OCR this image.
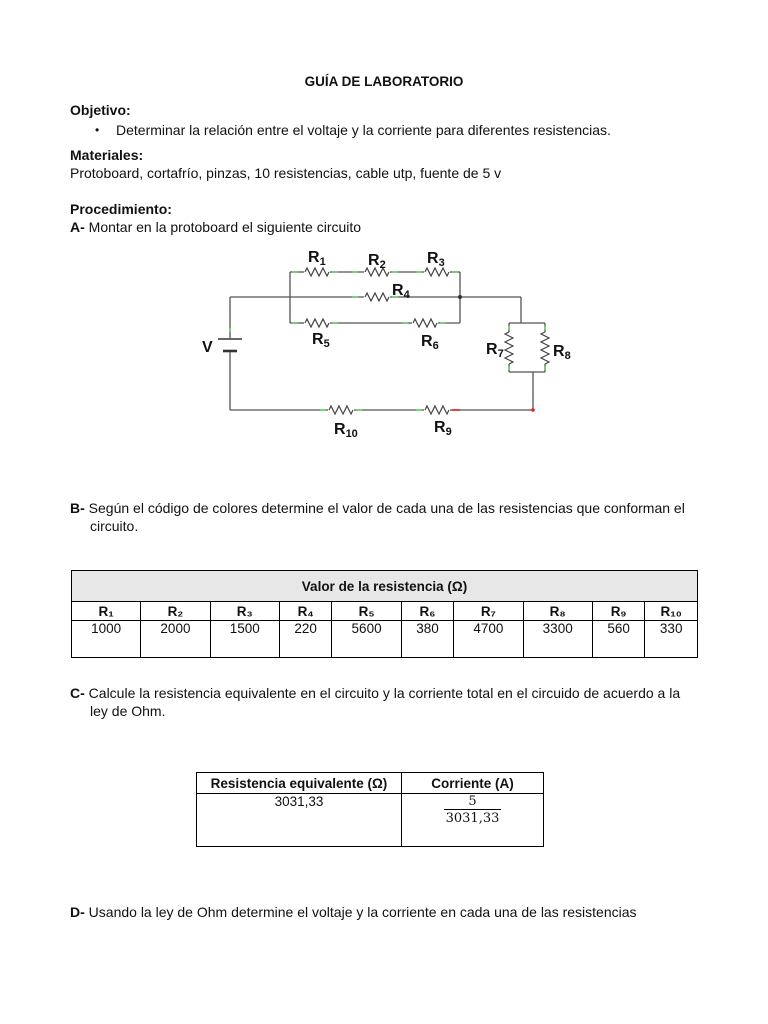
GUÍA DE LABORATORIO
Objetivo:
• Determinar la relación entre el voltaje y la corriente para diferentes resistencias.
Materiales:
Protoboard, cortafrío, pinzas, 10 resistencias, cable utp, fuente de 5 v
Procedimiento:
A- Montar en la protoboard el siguiente circuito
V
R1	R2	R3
R4
R5	R6	R7	R8
R10	R9
B- Según el código de colores determine el valor de cada una de las resistencias que conforman el
circuito.
Valor de la resistencia (Ω)									
R₁	R₂	R₃	R₄	R₅	R₆	R₇	R₈	R₉	R₁₀
1000	2000	1500	220	5600	380	4700	3300	560	330
C- Calcule la resistencia equivalente en el circuito y la corriente total en el circuido de acuerdo a la
ley de Ohm.
Resistencia equivalente (Ω)	Corriente (A)
3031,33	$\frac{5}{3031,33}$
D- Usando la ley de Ohm determine el voltaje y la corriente en cada una de las resistencias
